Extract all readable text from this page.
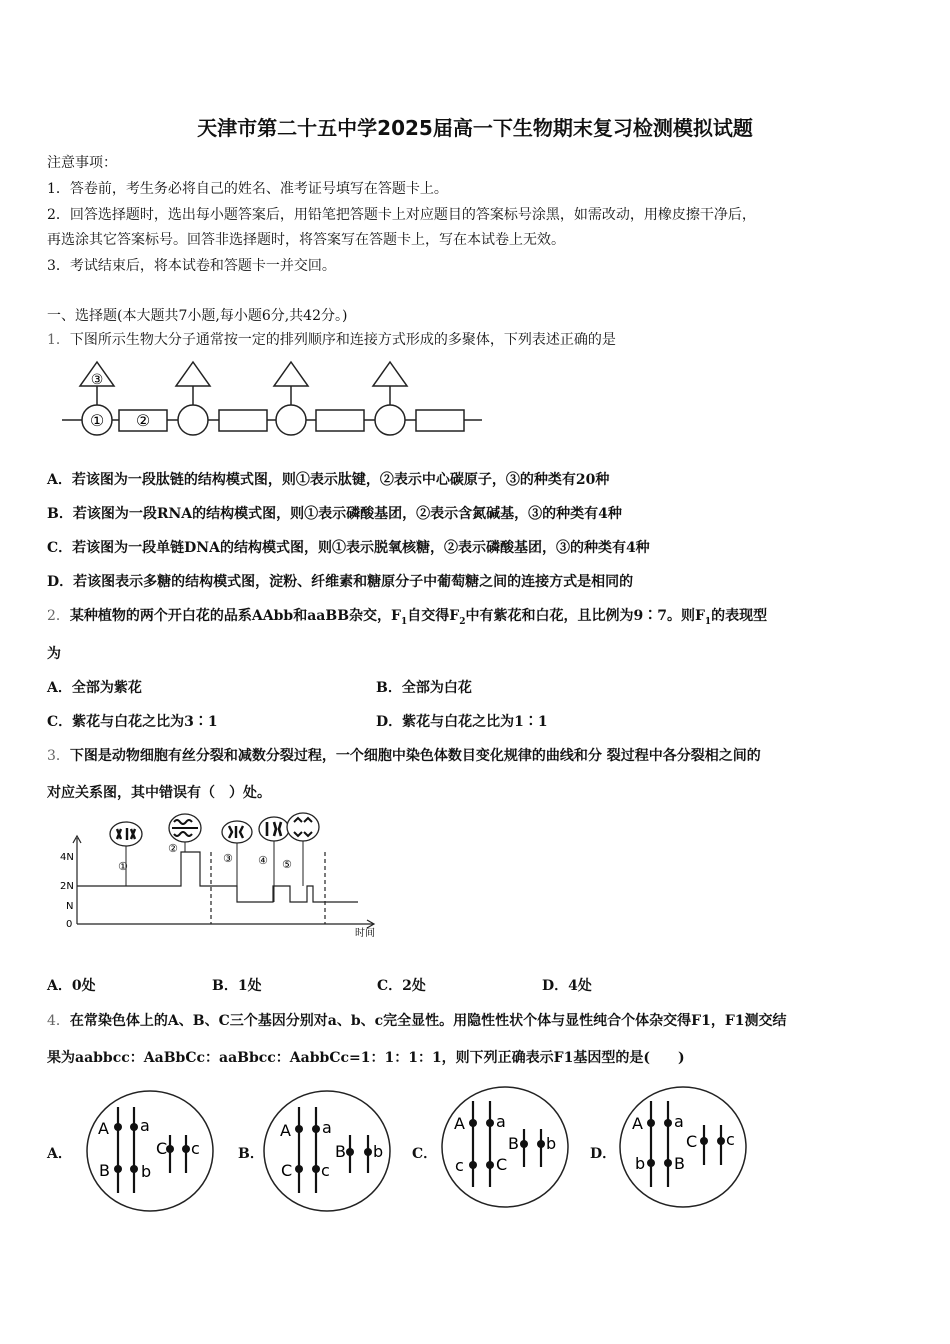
天津市第二十五中学2025届高一下生物期末复习检测模拟试题
注意事项：
1．答卷前，考生务必将自己的姓名、准考证号填写在答题卡上。
2．回答选择题时，选出每小题答案后，用铅笔把答题卡上对应题目的答案标号涂黑，如需改动，用橡皮擦干净后，
再选涂其它答案标号。回答非选择题时，将答案写在答题卡上，写在本试卷上无效。
3．考试结束后，将本试卷和答题卡一并交回。
一、选择题(本大题共7小题,每小题6分,共42分。)
1．下图所示生物大分子通常按一定的排列顺序和连接方式形成的多聚体，下列表述正确的是
③
① ②
A．若该图为一段肽链的结构模式图，则①表示肽键，②表示中心碳原子，③的种类有20种
B．若该图为一段RNA的结构模式图，则①表示磷酸基团，②表示含氮碱基，③的种类有4种
C．若该图为一段单链DNA的结构模式图，则①表示脱氧核糖，②表示磷酸基团，③的种类有4种
D．若该图表示多糖的结构模式图，淀粉、纤维素和糖原分子中葡萄糖之间的连接方式是相同的
2．某种植物的两个开白花的品系AAbb和aaBB杂交，$F_1$自交得$F_2$中有紫花和白花，且比例为9∶7。则$F_1$的表现型
为
A．全部为紫花	B．全部为白花
C．紫花与白花之比为3∶1	D．紫花与白花之比为1∶1
3．下图是动物细胞有丝分裂和减数分裂过程，一个细胞中染色体数目变化规律的曲线和分 裂过程中各分裂相之间的
对应关系图，其中错误有（　）处。
4N
2N
N
0
时间
①
②
③ ④ ⑤
A．0处	B．1处	C．2处	D．4处
4．在常染色体上的A、B、C三个基因分别对a、b、c完全显性。用隐性性状个体与显性纯合个体杂交得F1，F1测交结
果为aabbcc：AaBbCc：aaBbcc：AabbCc=1：1：1：1，则下列正确表示F1基因型的是(　　)
A．	B．	C．	D．
A a
B b
C c
A a
C c
B b
A a
c C
B b
A a
b B
C c
